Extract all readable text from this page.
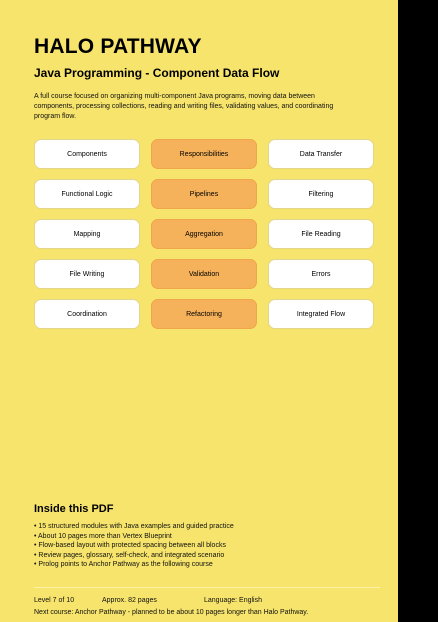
HALO PATHWAY
Java Programming - Component Data Flow
A full course focused on organizing multi-component Java programs, moving data between components, processing collections, reading and writing files, validating values, and coordinating program flow.
Components	Responsibilities	Data Transfer
Functional Logic	Pipelines	Filtering
Mapping	Aggregation	File Reading
File Writing	Validation	Errors
Coordination	Refactoring	Integrated Flow
Inside this PDF
• 15 structured modules with Java examples and guided practice
• About 10 pages more than Vertex Blueprint
• Flow-based layout with protected spacing between all blocks
• Review pages, glossary, self-check, and integrated scenario
• Prolog points to Anchor Pathway as the following course
Level 7 of 10	Approx. 82 pages	Language: English
Next course: Anchor Pathway - planned to be about 10 pages longer than Halo Pathway.
